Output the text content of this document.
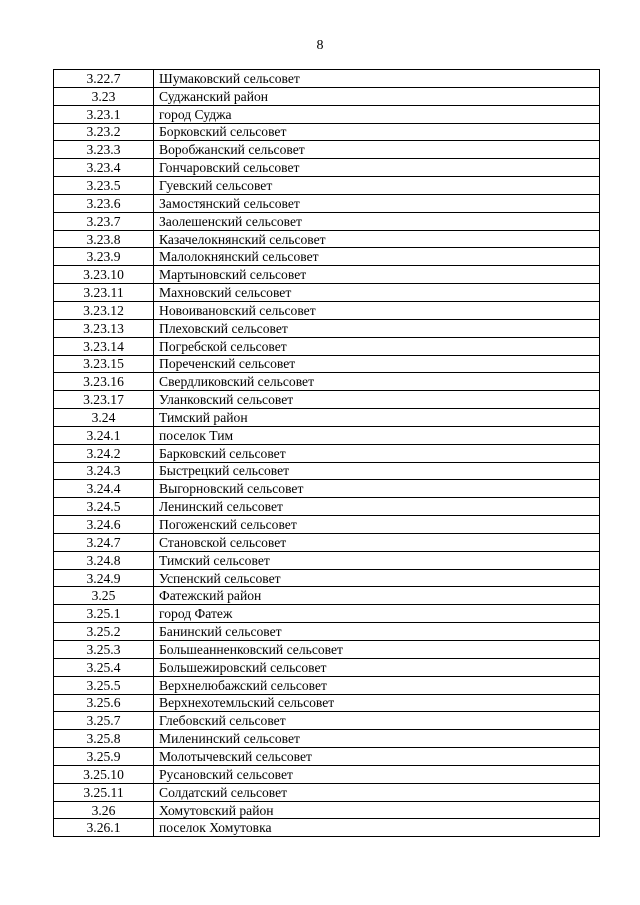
8
3.22.7	Шумаковский сельсовет
3.23	Суджанский район
3.23.1	город Суджа
3.23.2	Борковский сельсовет
3.23.3	Воробжанский сельсовет
3.23.4	Гончаровский сельсовет
3.23.5	Гуевский сельсовет
3.23.6	Замостянский сельсовет
3.23.7	Заолешенский сельсовет
3.23.8	Казачелокнянский сельсовет
3.23.9	Малолокнянский сельсовет
3.23.10	Мартыновский сельсовет
3.23.11	Махновский сельсовет
3.23.12	Новоивановский сельсовет
3.23.13	Плеховский сельсовет
3.23.14	Погребской сельсовет
3.23.15	Пореченский сельсовет
3.23.16	Свердликовский сельсовет
3.23.17	Уланковский сельсовет
3.24	Тимский район
3.24.1	поселок Тим
3.24.2	Барковский сельсовет
3.24.3	Быстрецкий сельсовет
3.24.4	Выгорновский сельсовет
3.24.5	Ленинский сельсовет
3.24.6	Погоженский сельсовет
3.24.7	Становской сельсовет
3.24.8	Тимский сельсовет
3.24.9	Успенский сельсовет
3.25	Фатежский район
3.25.1	город Фатеж
3.25.2	Банинский сельсовет
3.25.3	Большеанненковский сельсовет
3.25.4	Большежировский сельсовет
3.25.5	Верхнелюбажский сельсовет
3.25.6	Верхнехотемльский сельсовет
3.25.7	Глебовский сельсовет
3.25.8	Миленинский сельсовет
3.25.9	Молотычевский сельсовет
3.25.10	Русановский сельсовет
3.25.11	Солдатский сельсовет
3.26	Хомутовский район
3.26.1	поселок Хомутовка
